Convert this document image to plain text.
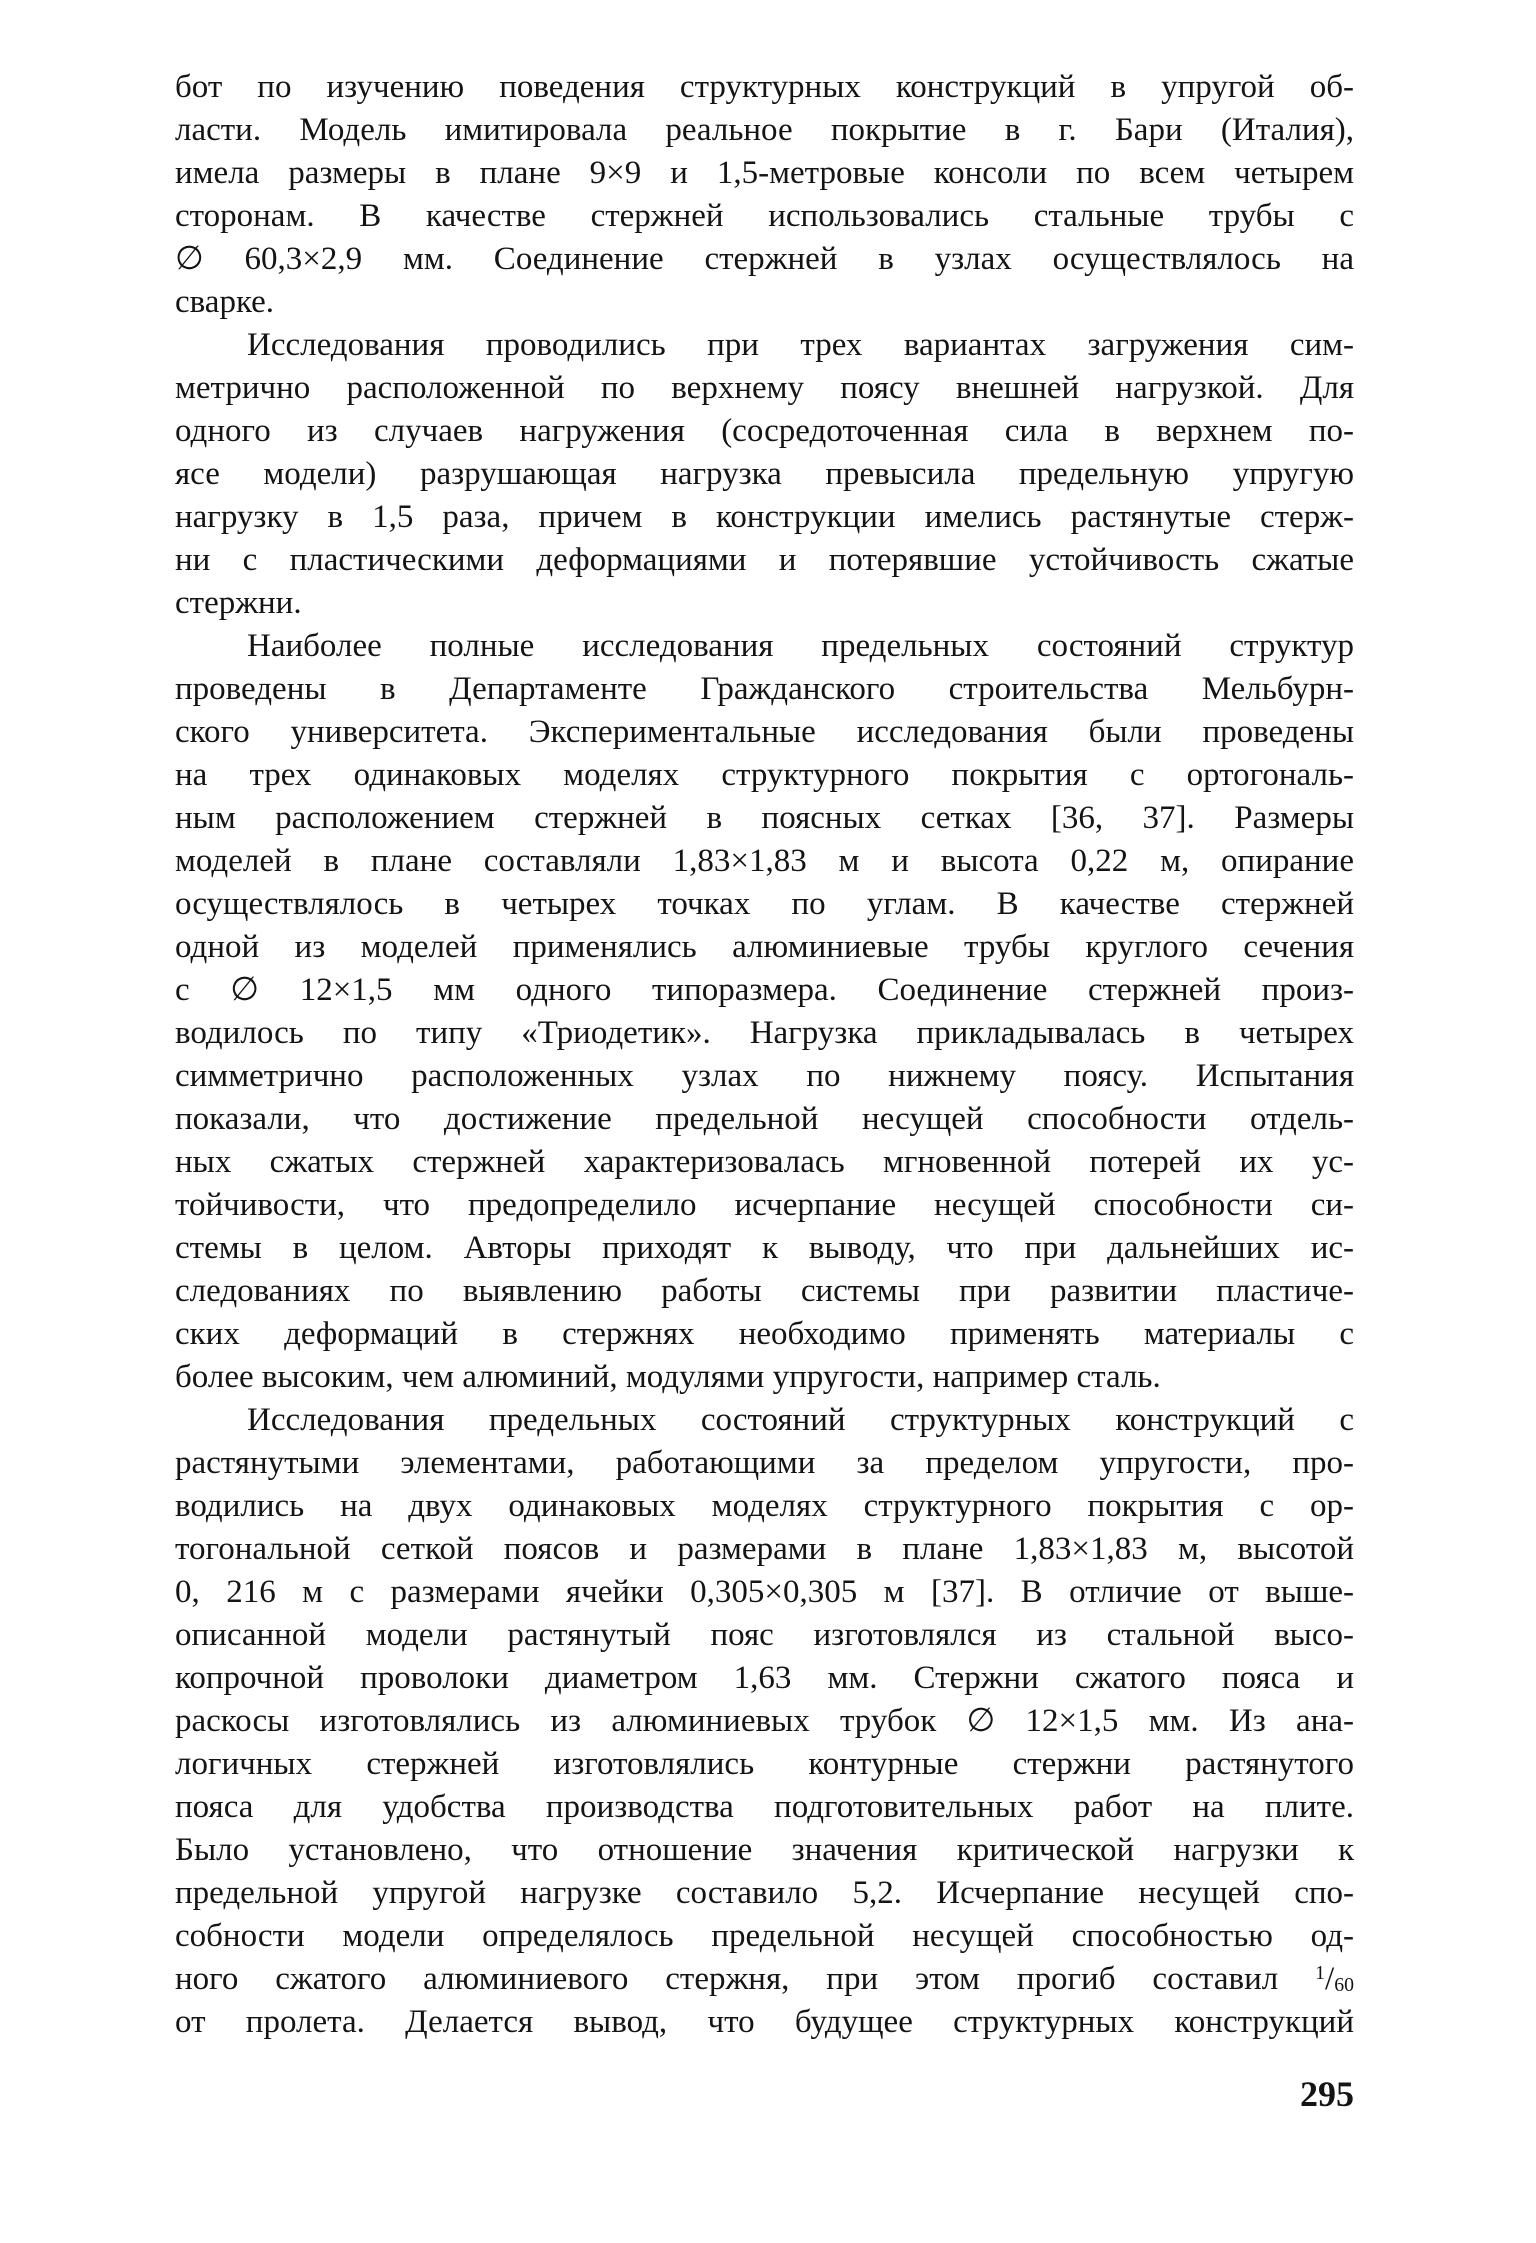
бот по изучению поведения структурных конструкций в упругой об-
ласти. Модель имитировала реальное покрытие в г. Бари (Италия),
имела размеры в плане 9×9 и 1,5-метровые консоли по всем четырем
сторонам. В качестве стержней использовались стальные трубы с
∅ 60,3×2,9 мм. Соединение стержней в узлах осуществлялось на
сварке.
Исследования проводились при трех вариантах загружения сим-
метрично расположенной по верхнему поясу внешней нагрузкой. Для
одного из случаев нагружения (сосредоточенная сила в верхнем по-
ясе модели) разрушающая нагрузка превысила предельную упругую
нагрузку в 1,5 раза, причем в конструкции имелись растянутые стерж-
ни с пластическими деформациями и потерявшие устойчивость сжатые
стержни.
Наиболее полные исследования предельных состояний структур
проведены в Департаменте Гражданского строительства Мельбурн-
ского университета. Экспериментальные исследования были проведены
на трех одинаковых моделях структурного покрытия с ортогональ-
ным расположением стержней в поясных сетках [36, 37]. Размеры
моделей в плане составляли 1,83×1,83 м и высота 0,22 м, опирание
осуществлялось в четырех точках по углам. В качестве стержней
одной из моделей применялись алюминиевые трубы круглого сечения
с ∅ 12×1,5 мм одного типоразмера. Соединение стержней произ-
водилось по типу «Триодетик». Нагрузка прикладывалась в четырех
симметрично расположенных узлах по нижнему поясу. Испытания
показали, что достижение предельной несущей способности отдель-
ных сжатых стержней характеризовалась мгновенной потерей их ус-
тойчивости, что предопределило исчерпание несущей способности си-
стемы в целом. Авторы приходят к выводу, что при дальнейших ис-
следованиях по выявлению работы системы при развитии пластиче-
ских деформаций в стержнях необходимо применять материалы с
более высоким, чем алюминий, модулями упругости, например сталь.
Исследования предельных состояний структурных конструкций с
растянутыми элементами, работающими за пределом упругости, про-
водились на двух одинаковых моделях структурного покрытия с ор-
тогональной сеткой поясов и размерами в плане 1,83×1,83 м, высотой
0, 216 м с размерами ячейки 0,305×0,305 м [37]. В отличие от выше-
описанной модели растянутый пояс изготовлялся из стальной высо-
копрочной проволоки диаметром 1,63 мм. Стержни сжатого пояса и
раскосы изготовлялись из алюминиевых трубок ∅ 12×1,5 мм. Из ана-
логичных стержней изготовлялись контурные стержни растянутого
пояса для удобства производства подготовительных работ на плите.
Было установлено, что отношение значения критической нагрузки к
предельной упругой нагрузке составило 5,2. Исчерпание несущей спо-
собности модели определялось предельной несущей способностью од-
ного сжатого алюминиевого стержня, при этом прогиб составил $^1/_{60}$
от пролета. Делается вывод, что будущее структурных конструкций
295
